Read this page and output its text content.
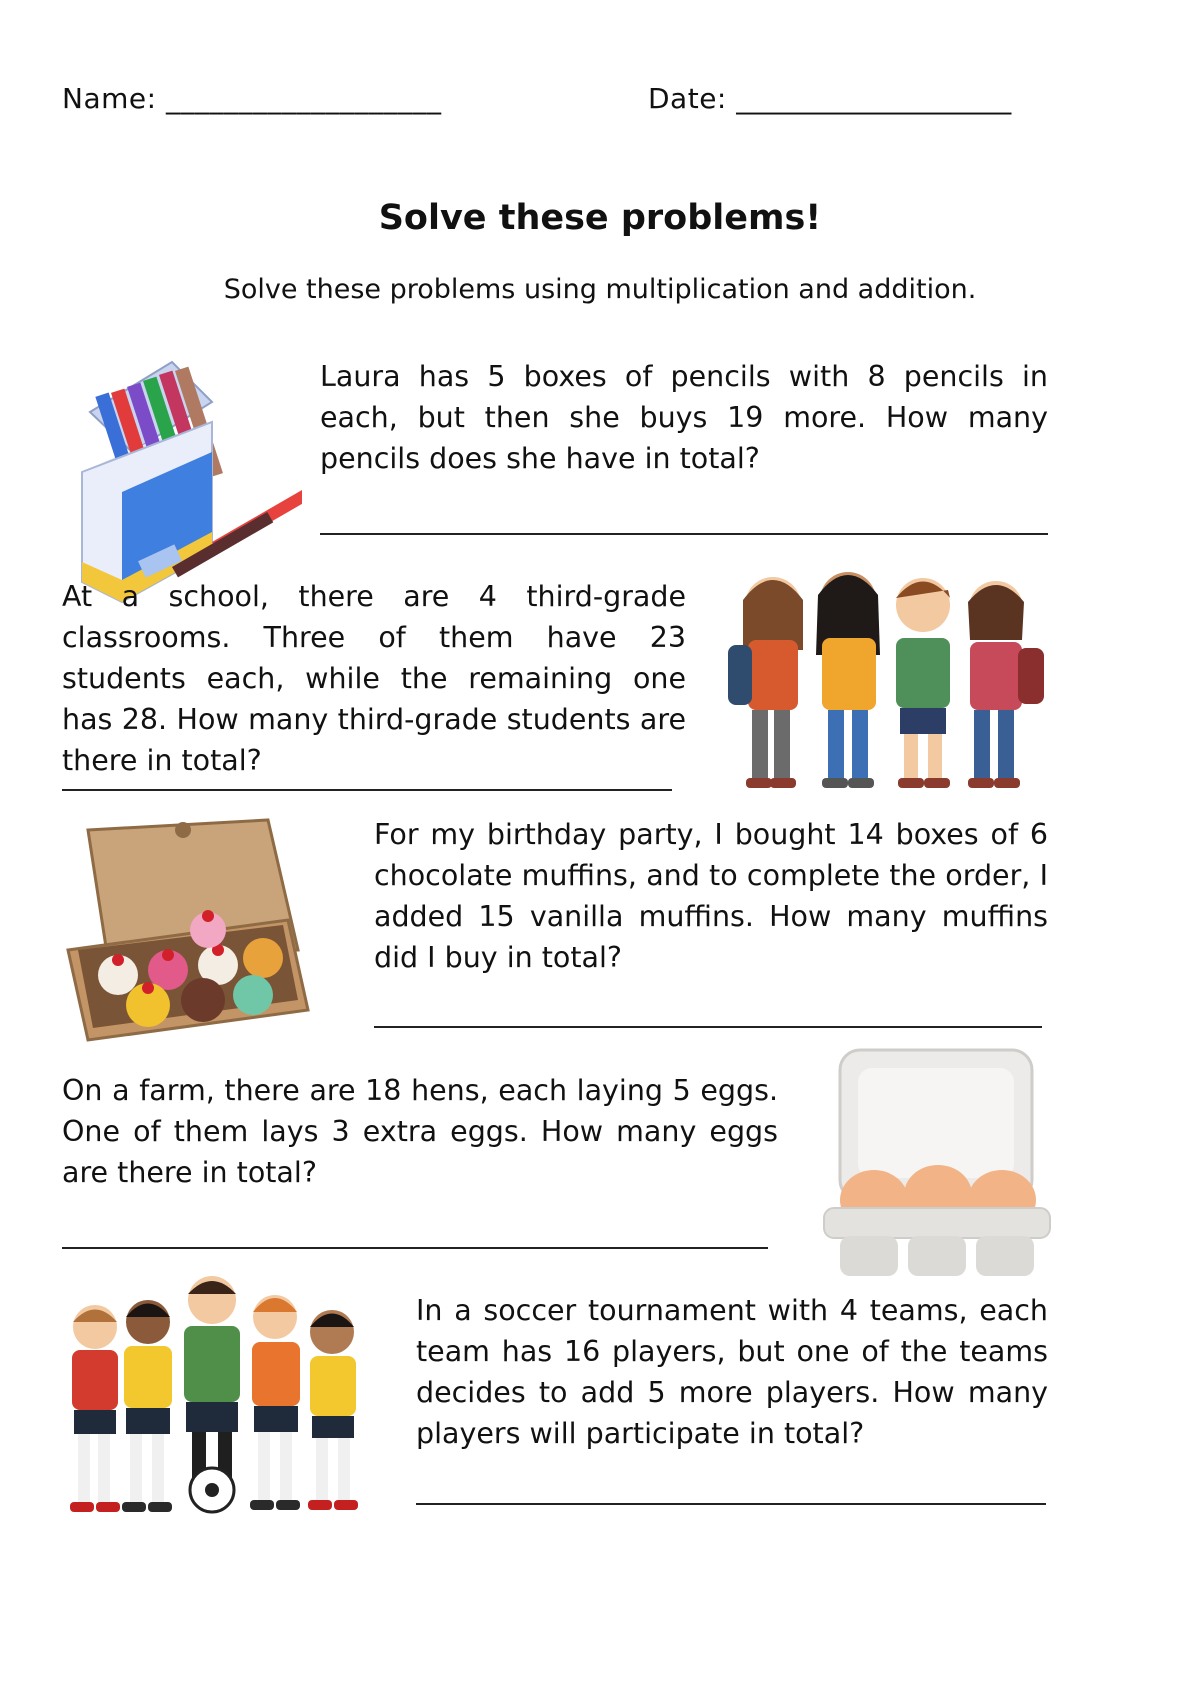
Name: ___________________	Date: ___________________
Solve these problems!
Solve these problems using multiplication and addition.

Laura has 5 boxes of pencils with 8 pencils in each, but then she buys 19 more. How many pencils does she have in total?

At a school, there are 4 third-grade classrooms. Three of them have 23 students each, while the remaining one has 28. How many third-grade students are there in total?

For my birthday party, I bought 14 boxes of 6 chocolate muffins, and to complete the order, I added 15 vanilla muffins. How many muffins did I buy in total?

On a farm, there are 18 hens, each laying 5 eggs. One of them lays 3 extra eggs. How many eggs are there in total?

In a soccer tournament with 4 teams, each team has 16 players, but one of the teams decides to add 5 more players. How many players will participate in total?
